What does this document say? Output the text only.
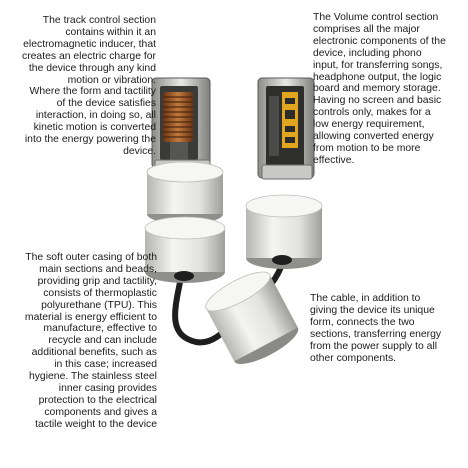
The track control section
contains within it an
electromagnetic inducer, that
creates an electric charge for
the device through any kind
motion or vibration.
Where the form and tactility
of the device satisfies
interaction, in doing so, all
kinetic motion is converted
into the energy powering the
device.
The Volume control section
comprises all the major
electronic components of the
device, including phono
input, for transferring songs,
headphone output, the logic
board and memory storage.
Having no screen and basic
controls only, makes for a
low energy requirement,
allowing converted energy
from motion to be more
effective.
The soft outer casing of both
main sections and beads,
providing grip and tactility,
consists of thermoplastic
polyurethane (TPU). This
material is energy efficient to
manufacture, effective to
recycle and can include
additional benefits, such as
in this case; increased
hygiene. The stainless steel
inner casing provides
protection to the electrical
components and gives a
tactile weight to the device
The cable, in addition to
giving the device its unique
form, connects the two
sections, transferring energy
from the power supply to all
other components.
